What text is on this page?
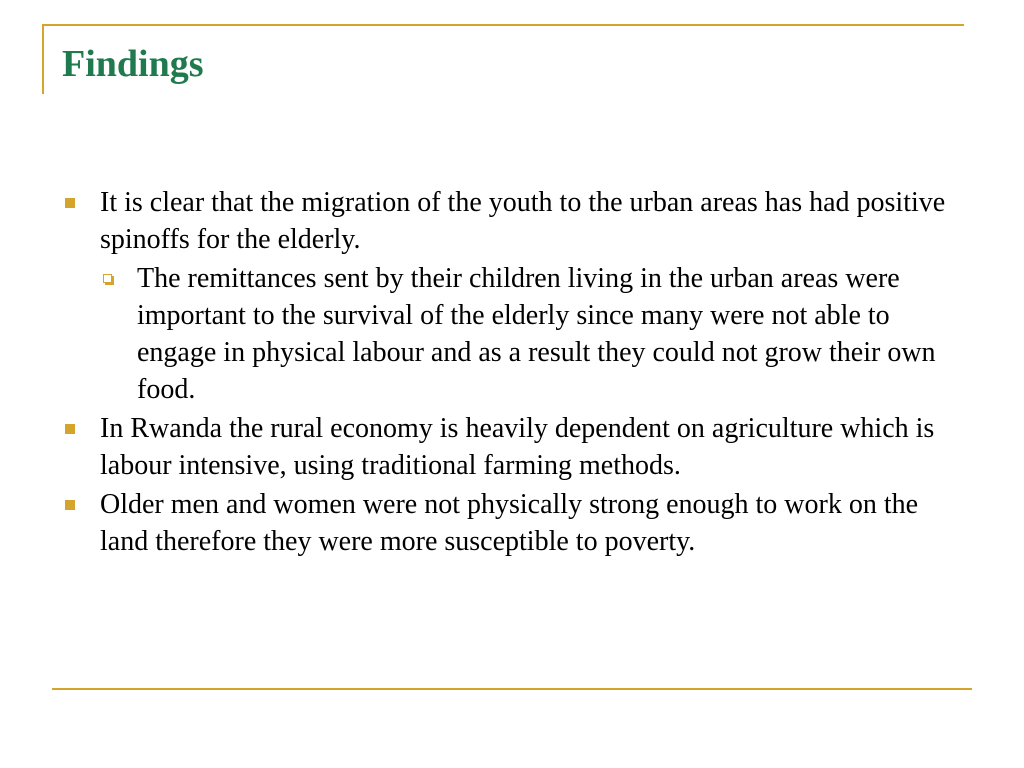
Findings
It is clear that the migration of the youth to the urban areas has had positive spinoffs for the elderly.
The remittances sent by their children living in the urban areas were important to the survival of the elderly since many were not able to engage in physical labour and as a result they could not grow their own food.
In Rwanda the rural economy is heavily dependent on agriculture which is labour intensive, using traditional farming methods.
Older men and women were not physically strong enough to work on the land therefore they were more susceptible to poverty.
